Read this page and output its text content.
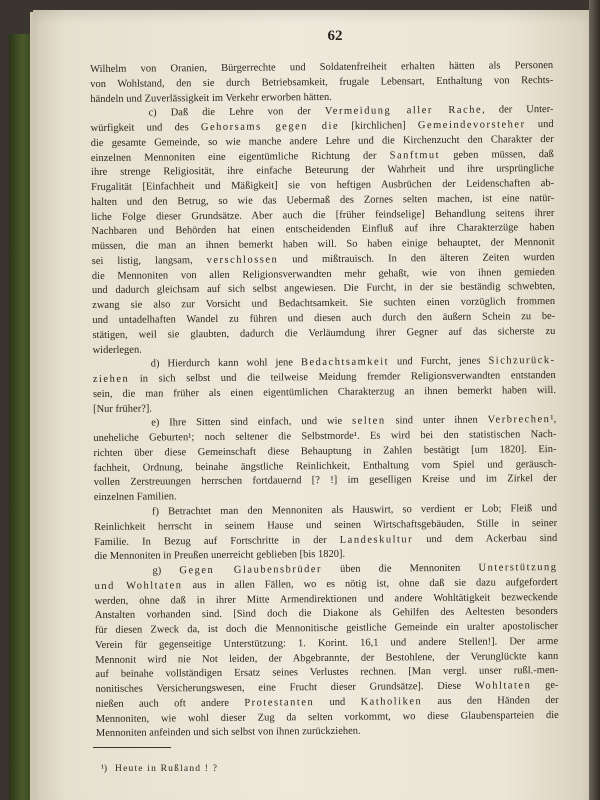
62
Wilhelm von Oranien, Bürgerrechte und Soldatenfreiheit erhalten hätten als Personen
von Wohlstand, den sie durch Betriebsamkeit, frugale Lebensart, Enthaltung von Rechts-
händeln und Zuverlässigkeit im Verkehr erworben hätten.
c) Daß die Lehre von der Vermeidung aller Rache, der Unter-
würfigkeit und des Gehorsams gegen die [kirchlichen] Gemeindevorsteher und
die gesamte Gemeinde, so wie manche andere Lehre und die Kirchenzucht den Charakter der
einzelnen Mennoniten eine eigentümliche Richtung der Sanftmut geben müssen, daß
ihre strenge Religiosität, ihre einfache Beteurung der Wahrheit und ihre ursprüngliche
Frugalität [Einfachheit und Mäßigkeit] sie von heftigen Ausbrüchen der Leidenschaften ab-
halten und den Betrug, so wie das Uebermaß des Zornes selten machen, ist eine natür-
liche Folge dieser Grundsätze. Aber auch die [früher feindselige] Behandlung seitens ihrer
Nachbaren und Behörden hat einen entscheidenden Einfluß auf ihre Charakterzüge haben
müssen, die man an ihnen bemerkt haben will. So haben einige behauptet, der Mennonit
sei listig, langsam, verschlossen und mißtrauisch. In den älteren Zeiten wurden
die Mennoniten von allen Religionsverwandten mehr gehaßt, wie von ihnen gemieden
und dadurch gleichsam auf sich selbst angewiesen. Die Furcht, in der sie beständig schwebten,
zwang sie also zur Vorsicht und Bedachtsamkeit. Sie suchten einen vorzüglich frommen
und untadelhaften Wandel zu führen und diesen auch durch den äußern Schein zu be-
stätigen, weil sie glaubten, dadurch die Verläumdung ihrer Gegner auf das sicherste zu
widerlegen.
d) Hierdurch kann wohl jene Bedachtsamkeit und Furcht, jenes Sichzurück-
ziehen in sich selbst und die teilweise Meidung fremder Religionsverwandten entstanden
sein, die man früher als einen eigentümlichen Charakterzug an ihnen bemerkt haben will.
[Nur früher?].
e) Ihre Sitten sind einfach, und wie selten sind unter ihnen Verbrechen¹,
uneheliche Geburten¹; noch seltener die Selbstmorde¹. Es wird bei den statistischen Nach-
richten über diese Gemeinschaft diese Behauptung in Zahlen bestätigt [um 1820]. Ein-
fachheit, Ordnung, beinahe ängstliche Reinlichkeit, Enthaltung vom Spiel und geräusch-
vollen Zerstreuungen herrschen fortdauernd [? !] im geselligen Kreise und im Zirkel der
einzelnen Familien.
f) Betrachtet man den Mennoniten als Hauswirt, so verdient er Lob; Fleiß und
Reinlichkeit herrscht in seinem Hause und seinen Wirtschaftsgebäuden, Stille in seiner
Familie. In Bezug auf Fortschritte in der Landeskultur und dem Ackerbau sind
die Mennoniten in Preußen unerreicht geblieben [bis 1820].
g) Gegen Glaubensbrüder üben die Mennoniten Unterstützung
und Wohltaten aus in allen Fällen, wo es nötig ist, ohne daß sie dazu aufgefordert
werden, ohne daß in ihrer Mitte Armendirektionen und andere Wohltätigkeit bezweckende
Anstalten vorhanden sind. [Sind doch die Diakone als Gehilfen des Aeltesten besonders
für diesen Zweck da, ist doch die Mennonitische geistliche Gemeinde ein uralter apostolischer
Verein für gegenseitige Unterstützung: 1. Korint. 16,1 und andere Stellen!]. Der arme
Mennonit wird nie Not leiden, der Abgebrannte, der Bestohlene, der Verunglückte kann
auf beinahe vollständigen Ersatz seines Verlustes rechnen. [Man vergl. unser rußl.-men-
nonitisches Versicherungswesen, eine Frucht dieser Grundsätze]. Diese Wohltaten ge-
nießen auch oft andere Protestanten und Katholiken aus den Händen der
Mennoniten, wie wohl dieser Zug da selten vorkommt, wo diese Glaubensparteien die
Mennoniten anfeinden und sich selbst von ihnen zurückziehen.
¹) Heute in Rußland ! ?
